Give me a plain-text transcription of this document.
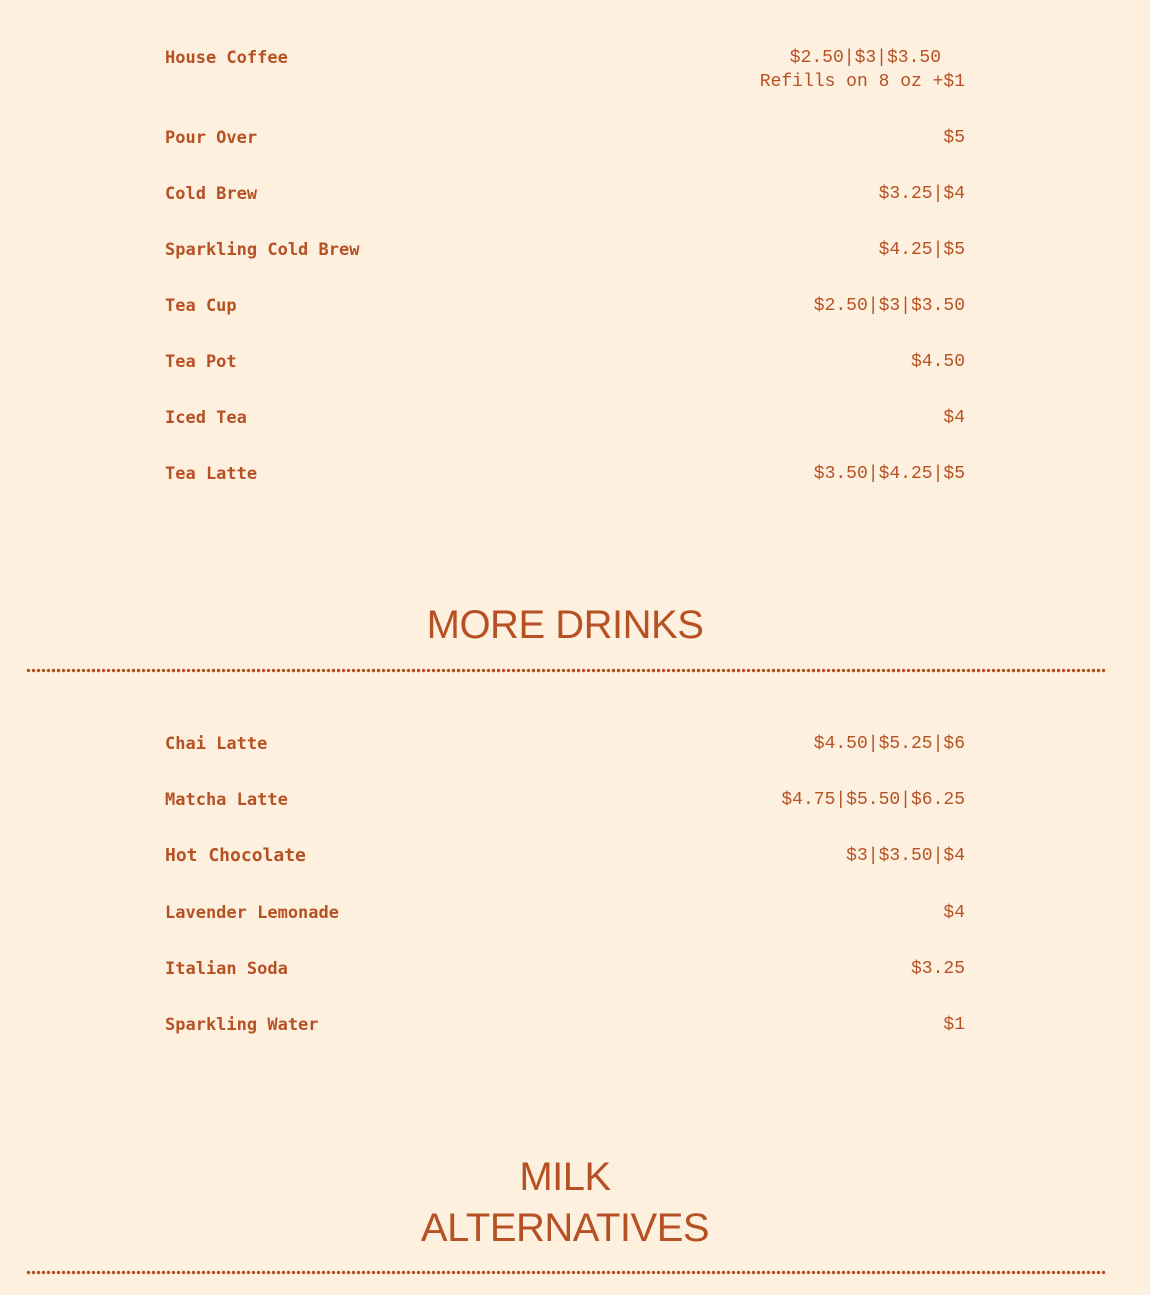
House Coffee	$2.50|$3|$3.50
Refills on 8 oz +$1
Pour Over	$5
Cold Brew	$3.25|$4
Sparkling Cold Brew	$4.25|$5
Tea Cup	$2.50|$3|$3.50
Tea Pot	$4.50
Iced Tea	$4
Tea Latte	$3.50|$4.25|$5
MORE DRINKS
Chai Latte	$4.50|$5.25|$6
Matcha Latte	$4.75|$5.50|$6.25
Hot Chocolate	$3|$3.50|$4
Lavender Lemonade	$4
Italian Soda	$3.25
Sparkling Water	$1
MILK
ALTERNATIVES
